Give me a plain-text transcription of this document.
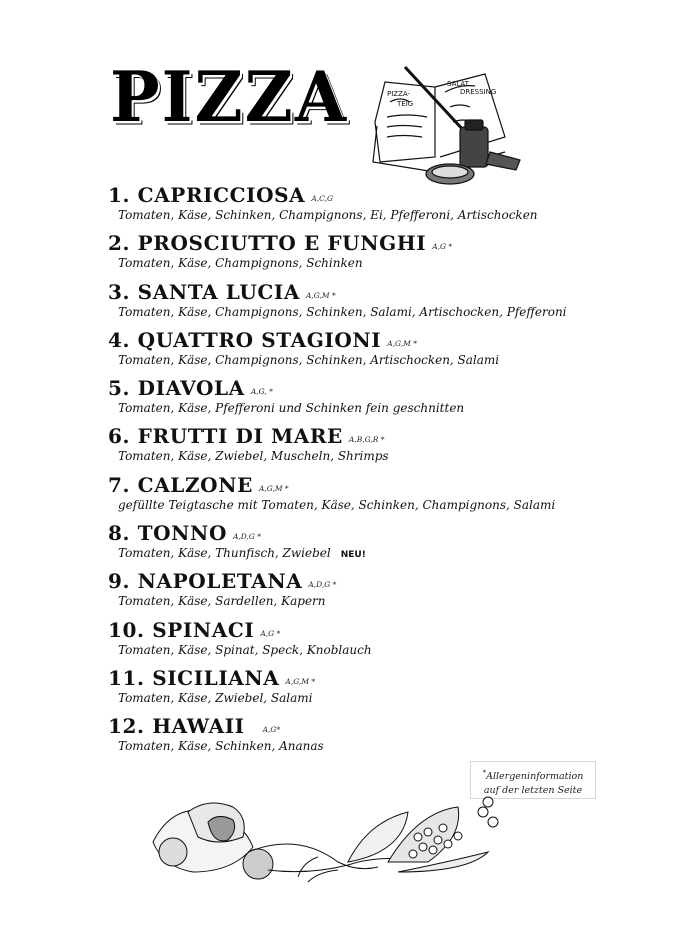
PIZZA	PIZZA-
TEIG
SALAT
DRESSING
1. CAPRICCIOSA A,C,G
Tomaten, Käse, Schinken, Champignons, Ei, Pfefferoni, Artischocken
2. PROSCIUTTO E FUNGHI A,G *
Tomaten, Käse, Champignons, Schinken
3. SANTA LUCIA A,G,M *
Tomaten, Käse, Champignons, Schinken, Salami, Artischocken, Pfefferoni
4. QUATTRO STAGIONI A,G,M *
Tomaten, Käse, Champignons, Schinken, Artischocken, Salami
5. DIAVOLA A,G, *
Tomaten, Käse, Pfefferoni und Schinken fein geschnitten
6. FRUTTI DI MARE A,B,G,R *
Tomaten, Käse, Zwiebel, Muscheln, Shrimps
7. CALZONE A,G,M *
gefüllte Teigtasche mit Tomaten, Käse, Schinken, Champignons, Salami
8. TONNO A,D,G *
Tomaten, Käse, Thunfisch, Zwiebel NEU!
9. NAPOLETANA A,D,G *
Tomaten, Käse, Sardellen, Kapern
10. SPINACI A,G *
Tomaten, Käse, Spinat, Speck, Knoblauch
11. SICILIANA A,G,M *
Tomaten, Käse, Zwiebel, Salami
12. HAWAII A,G*
Tomaten, Käse, Schinken, Ananas
*Allergeninformation
auf der letzten Seite
